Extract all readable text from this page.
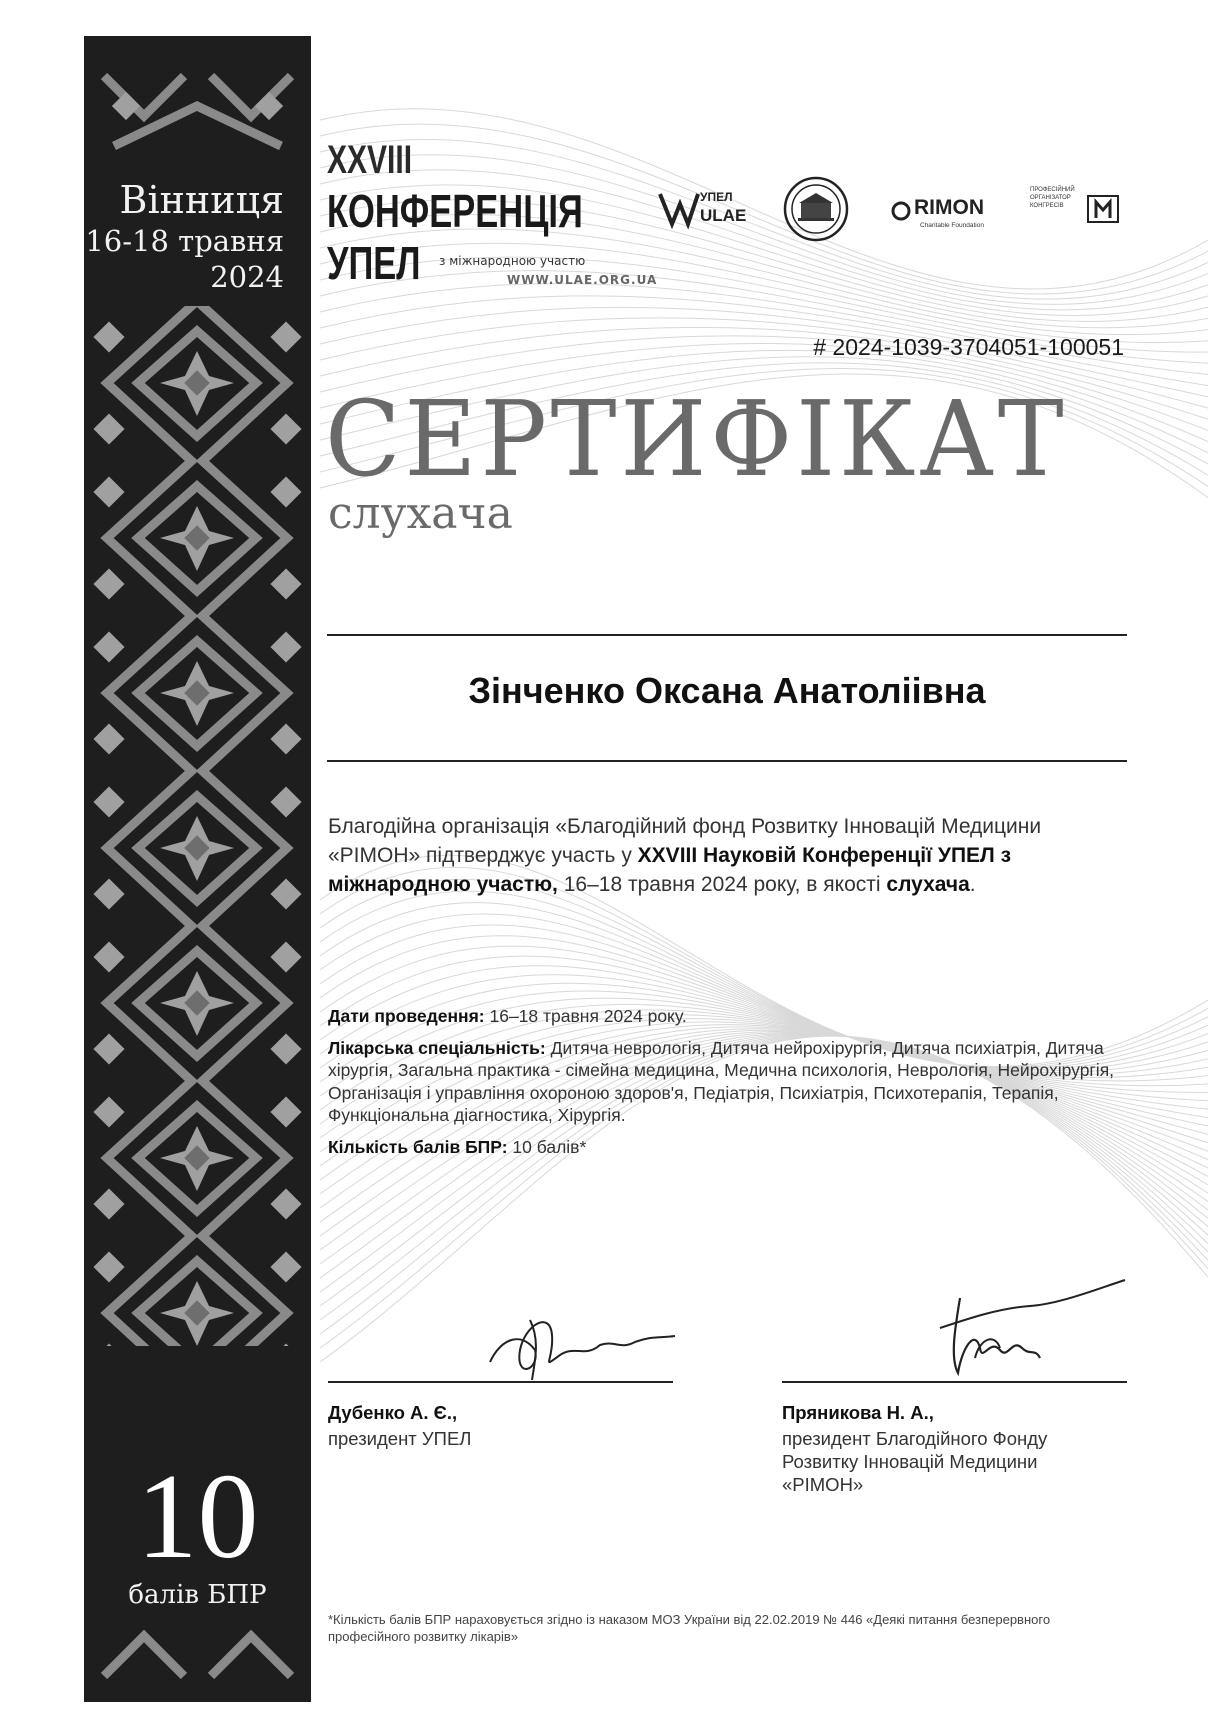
Вінниця
16-18 травня
2024
10
балів БПР
XXVIII
КОНФЕРЕНЦІЯ
УПЕЛ з міжнародною участю
WWW.ULAE.ORG.UA
УПЕЛ
ULAE	RIMON
Charitable Foundation
ПРОФЕСІЙНИЙ ОРГАНІЗАТОР КОНГРЕСІВ
# 2024-1039-3704051-100051
СЕРТИФІКАТ
слухача
Зінченко Оксана Анатоліівна
Благодійна організація «Благодійний фонд Розвитку Інновацій Медицини «РІМОН» підтверджує участь у XXVIII Науковій Конференції УПЕЛ з міжнародною участю, 16–18 травня 2024 року, в якості слухача.

Дати проведення: 16–18 травня 2024 року.

Лікарська спеціальність: Дитяча неврологія, Дитяча нейрохірургія, Дитяча психіатрія, Дитяча хірургія, Загальна практика - сімейна медицина, Медична психологія, Неврологія, Нейрохірургія, Організація і управління охороною здоров'я, Педіатрія, Психіатрія, Психотерапія, Терапія, Функціональна діагностика, Хірургія.

Кількість балів БПР: 10 балів*

Дубенко А. Є.,
президент УПЕЛ
Пряникова Н. А.,
президент Благодійного Фонду
Розвитку Інновацій Медицини
«РІМОН»
*Кількість балів БПР нараховується згідно із наказом МОЗ України від 22.02.2019 № 446 «Деякі питання безперервного професійного розвитку лікарів»
